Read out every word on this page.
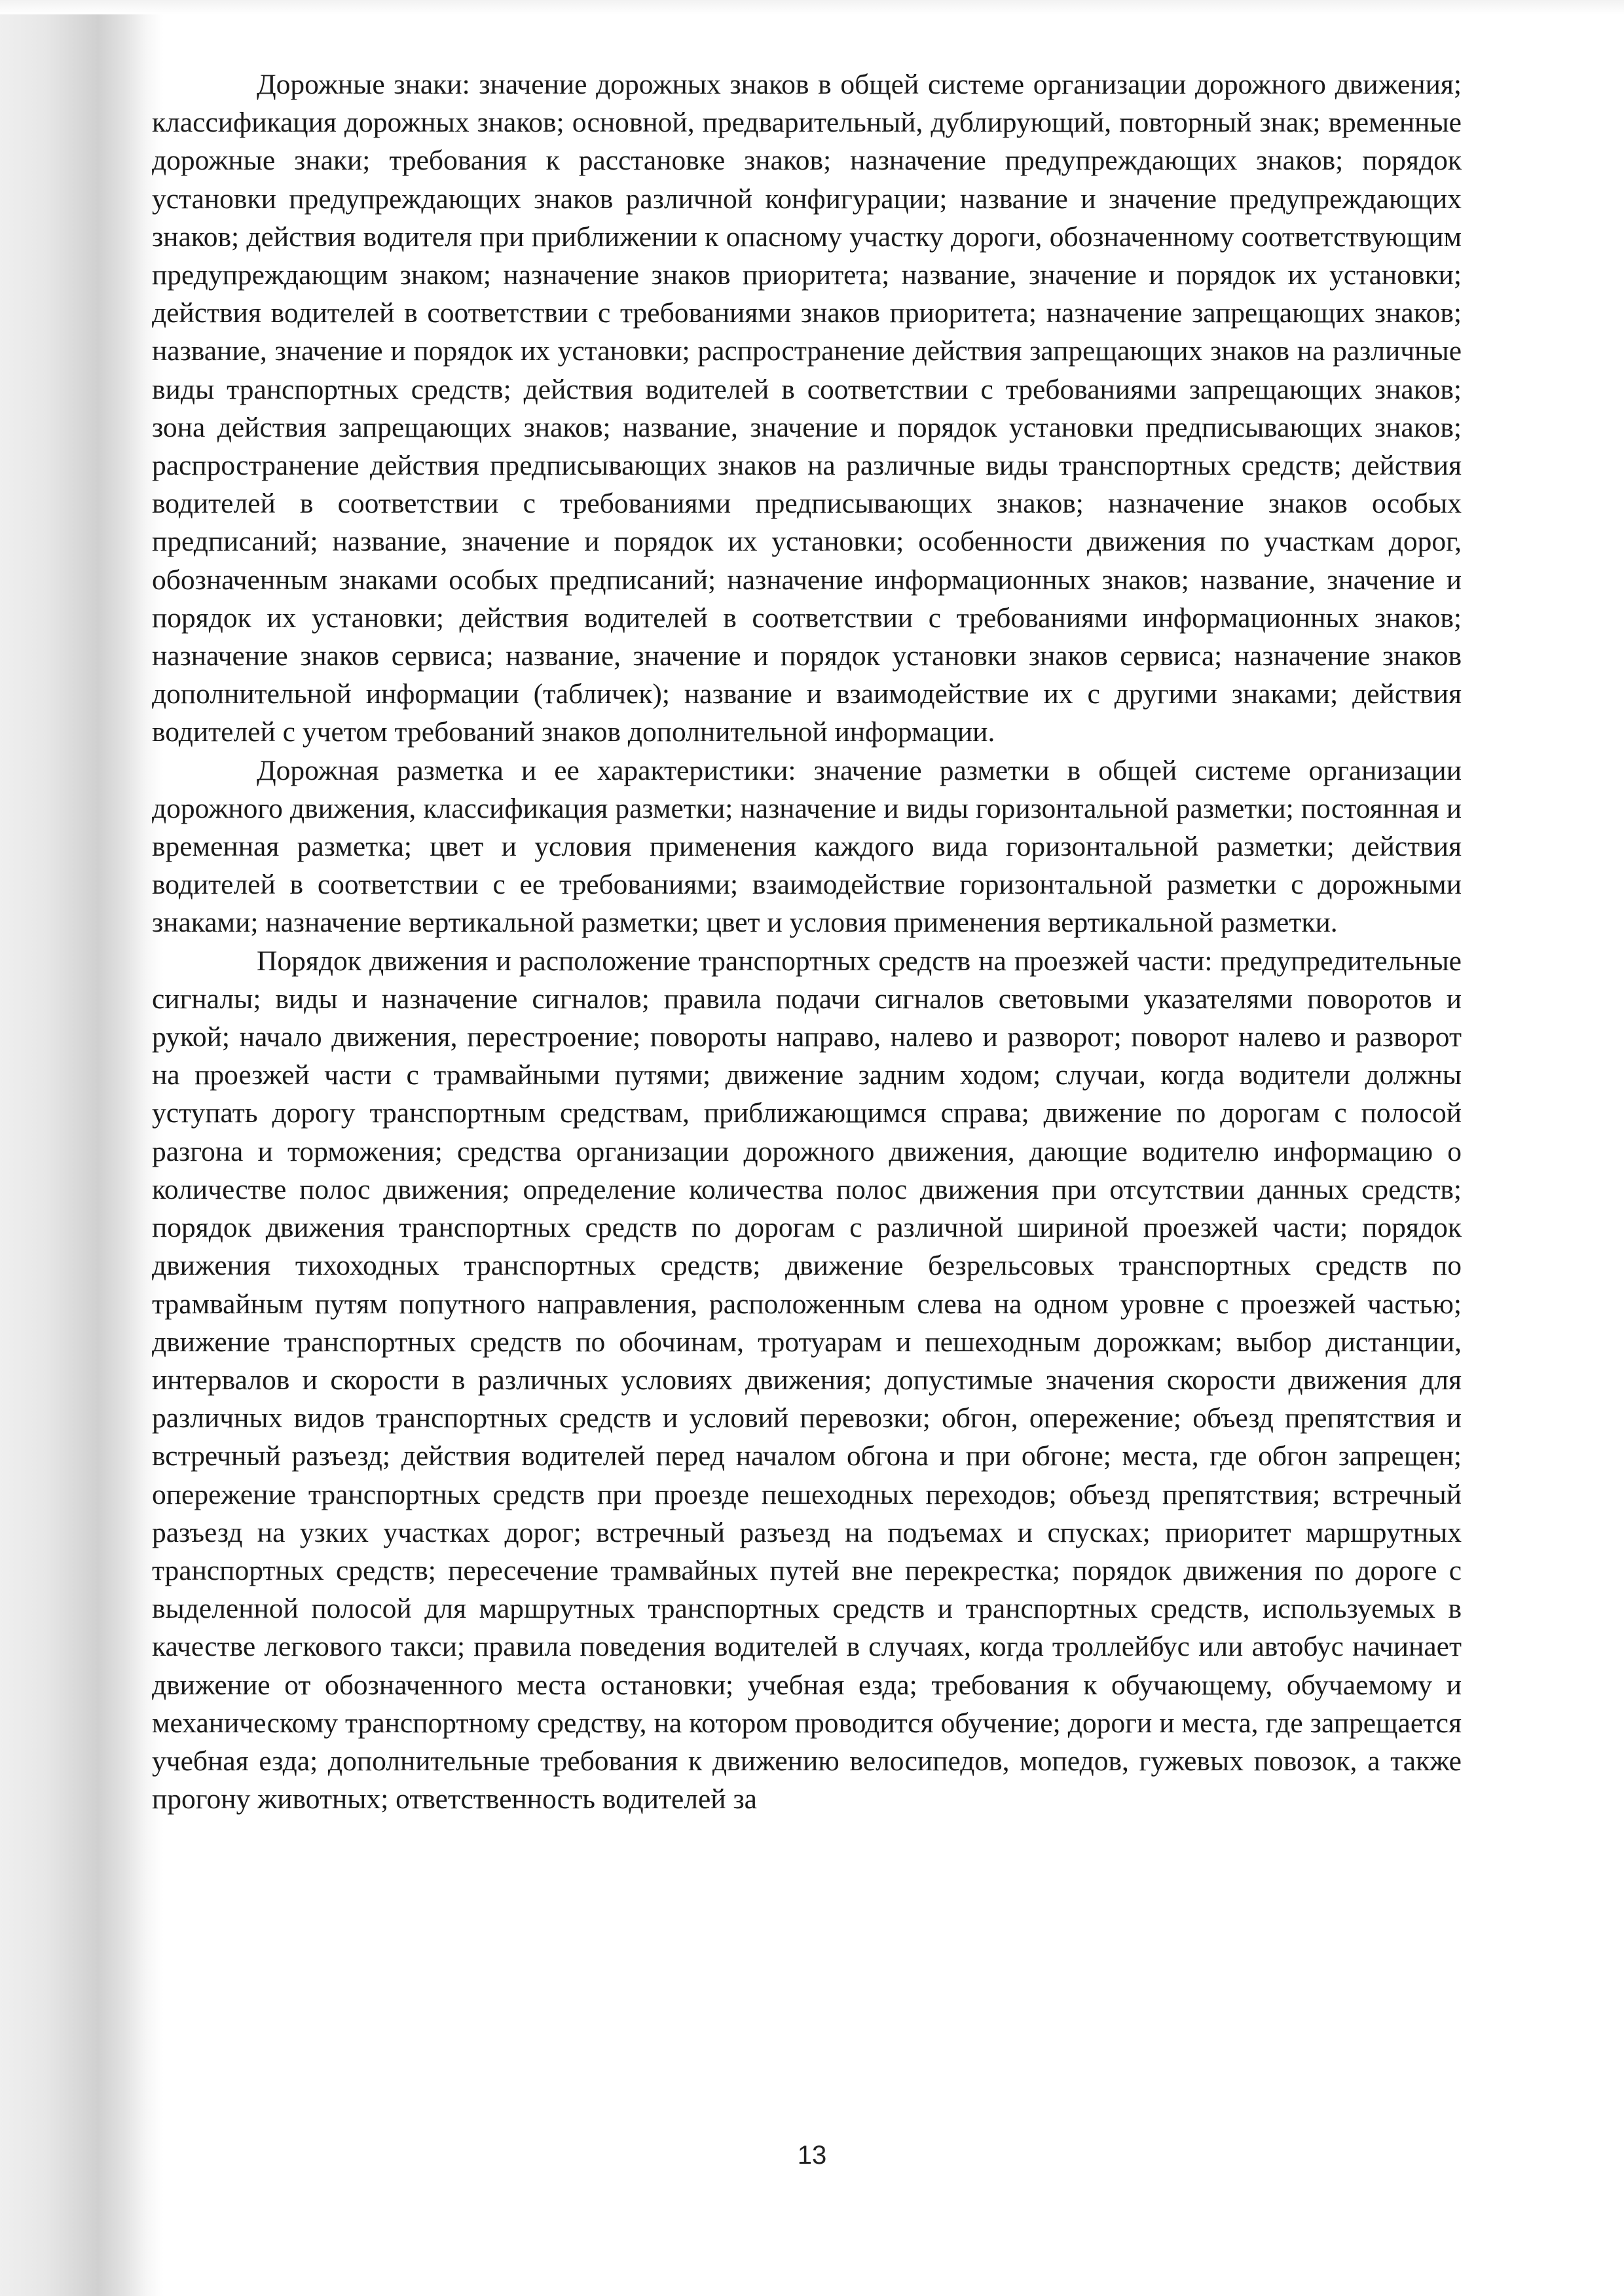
Дорожные знаки: значение дорожных знаков в общей системе организации дорожного движения; классификация дорожных знаков; основной, предварительный, дублирующий, повторный знак; временные дорожные знаки; требования к расстановке знаков; назначение предупреждающих знаков; порядок установки предупреждающих знаков различной конфигурации; название и значение предупреждающих знаков; действия водителя при приближении к опасному участку дороги, обозначенному соответствующим предупреждающим знаком; назначение знаков приоритета; название, значение и порядок их установки; действия водителей в соответствии с требованиями знаков приоритета; назначение запрещающих знаков; название, значение и порядок их установки; распространение действия запрещающих знаков на различные виды транспортных средств; действия водителей в соответствии с требованиями запрещающих знаков; зона действия запрещающих знаков; название, значение и порядок установки предписывающих знаков; распространение действия предписывающих знаков на различные виды транспортных средств; действия водителей в соответствии с требованиями предписывающих знаков; назначение знаков особых предписаний; название, значение и порядок их установки; особенности движения по участкам дорог, обозначенным знаками особых предписаний; назначение информационных знаков; название, значение и порядок их установки; действия водителей в соответствии с требованиями информационных знаков; назначение знаков сервиса; название, значение и порядок установки знаков сервиса; назначение знаков дополнительной информации (табличек); название и взаимодействие их с другими знаками; действия водителей с учетом требований знаков дополнительной информации.

Дорожная разметка и ее характеристики: значение разметки в общей системе организации дорожного движения, классификация разметки; назначение и виды горизонтальной разметки; постоянная и временная разметка; цвет и условия применения каждого вида горизонтальной разметки; действия водителей в соответствии с ее требованиями; взаимодействие горизонтальной разметки с дорожными знаками; назначение вертикальной разметки; цвет и условия применения вертикальной разметки.

Порядок движения и расположение транспортных средств на проезжей части: предупредительные сигналы; виды и назначение сигналов; правила подачи сигналов световыми указателями поворотов и рукой; начало движения, перестроение; повороты направо, налево и разворот; поворот налево и разворот на проезжей части с трамвайными путями; движение задним ходом; случаи, когда водители должны уступать дорогу транспортным средствам, приближающимся справа; движение по дорогам с полосой разгона и торможения; средства организации дорожного движения, дающие водителю информацию о количестве полос движения; определение количества полос движения при отсутствии данных средств; порядок движения транспортных средств по дорогам с различной шириной проезжей части; порядок движения тихоходных транспортных средств; движение безрельсовых транспортных средств по трамвайным путям попутного направления, расположенным слева на одном уровне с проезжей частью; движение транспортных средств по обочинам, тротуарам и пешеходным дорожкам; выбор дистанции, интервалов и скорости в различных условиях движения; допустимые значения скорости движения для различных видов транспортных средств и условий перевозки; обгон, опережение; объезд препятствия и встречный разъезд; действия водителей перед началом обгона и при обгоне; места, где обгон запрещен; опережение транспортных средств при проезде пешеходных переходов; объезд препятствия; встречный разъезд на узких участках дорог; встречный разъезд на подъемах и спусках; приоритет маршрутных транспортных средств; пересечение трамвайных путей вне перекрестка; порядок движения по дороге с выделенной полосой для маршрутных транспортных средств и транспортных средств, используемых в качестве легкового такси; правила поведения водителей в случаях, когда троллейбус или автобус начинает движение от обозначенного места остановки; учебная езда; требования к обучающему, обучаемому и механическому транспортному средству, на котором проводится обучение; дороги и места, где запрещается учебная езда; дополнительные требования к движению велосипедов, мопедов, гужевых повозок, а также прогону животных; ответственность водителей за

13
